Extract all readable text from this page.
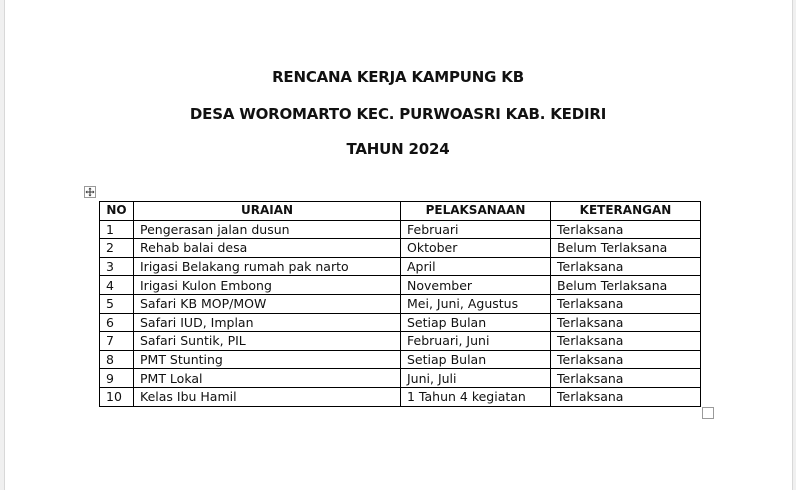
RENCANA KERJA KAMPUNG KB
DESA WOROMARTO KEC. PURWOASRI KAB. KEDIRI
TAHUN 2024
NO	URAIAN	PELAKSANAAN	KETERANGAN
1	Pengerasan jalan dusun	Februari	Terlaksana
2	Rehab balai desa	Oktober	Belum Terlaksana
3	Irigasi Belakang rumah pak narto	April	Terlaksana
4	Irigasi Kulon Embong	November	Belum Terlaksana
5	Safari KB MOP/MOW	Mei, Juni, Agustus	Terlaksana
6	Safari IUD, Implan	Setiap Bulan	Terlaksana
7	Safari Suntik, PIL	Februari, Juni	Terlaksana
8	PMT Stunting	Setiap Bulan	Terlaksana
9	PMT Lokal	Juni, Juli	Terlaksana
10	Kelas Ibu Hamil	1 Tahun 4 kegiatan	Terlaksana
